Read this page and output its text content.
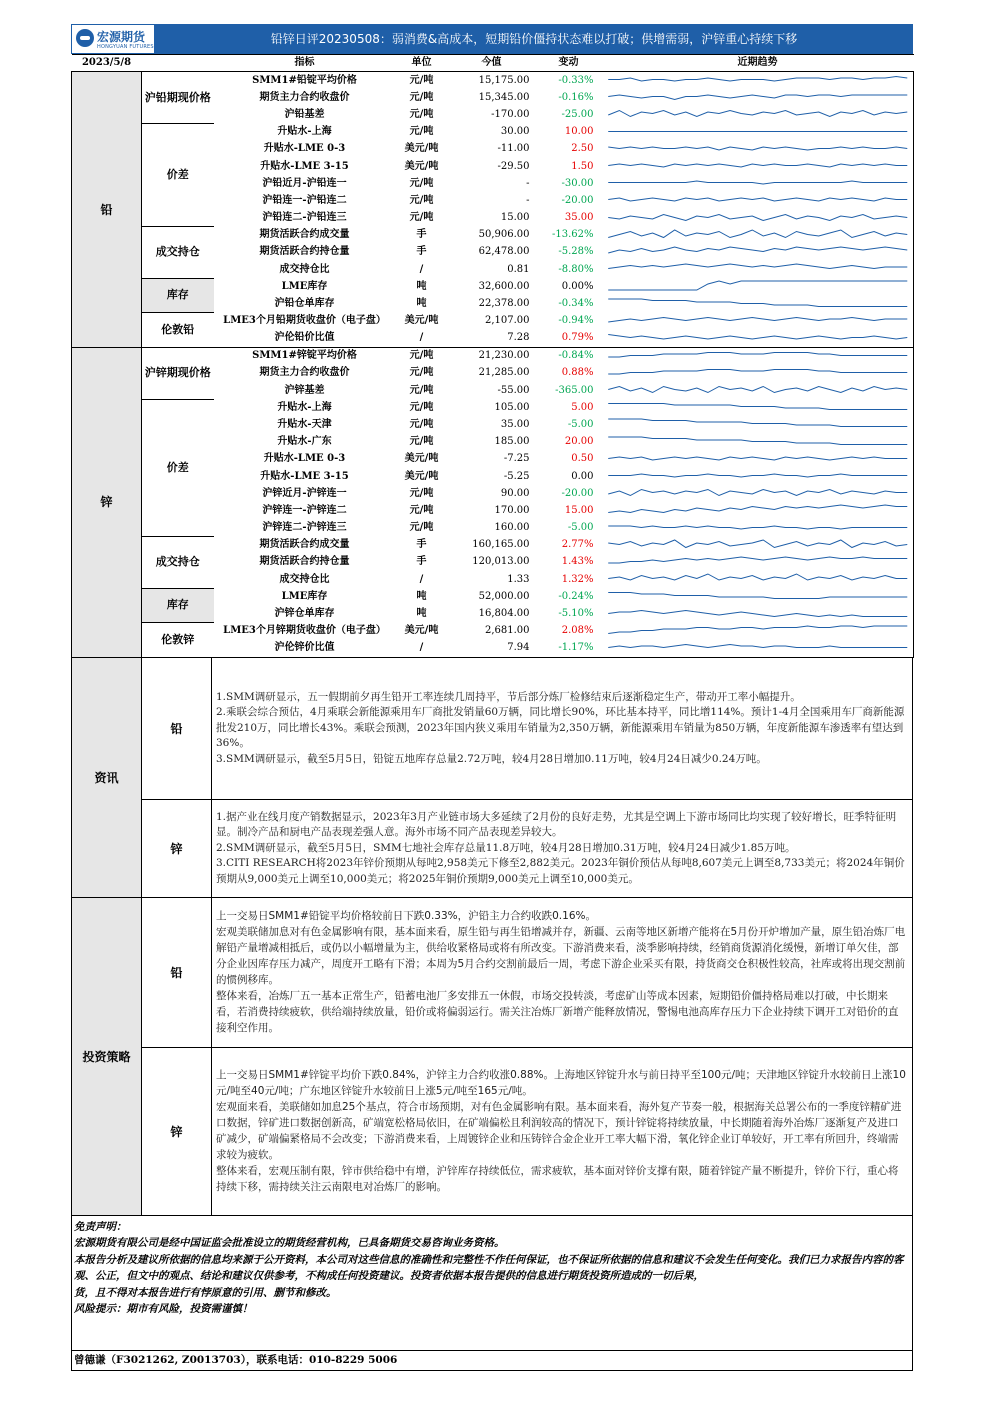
宏源期货
HONGYUAN FUTURES
铅锌日评20230508：弱消费&高成本，短期铅价僵持状态难以打破；供增需弱，沪锌重心持续下移
2023/5/8		指标	单位	今值	变动	近期趋势
铅	沪铅期现价格	SMM1#铅锭平均价格	元/吨	15,175.00	-0.33%	

		期货主力合约收盘价	元/吨	15,345.00	-0.16%	

		沪铅基差	元/吨	-170.00	-25.00	

	价差	升贴水-上海	元/吨	30.00	10.00	

		升贴水-LME 0-3	美元/吨	-11.00	2.50	

		升贴水-LME 3-15	美元/吨	-29.50	1.50	

		沪铅近月-沪铅连一	元/吨	-	-30.00	

		沪铅连一-沪铅连二	元/吨	-	-20.00	

		沪铅连二-沪铅连三	元/吨	15.00	35.00	

	成交持仓	期货活跃合约成交量	手	50,906.00	-13.62%	

		期货活跃合约持仓量	手	62,478.00	-5.28%	

		成交持仓比	/	0.81	-8.80%	

	库存	LME库存	吨	32,600.00	0.00%	

		沪铅仓单库存	吨	22,378.00	-0.34%	

	伦敦铅	LME3个月铅期货收盘价（电子盘）	美元/吨	2,107.00	-0.94%	

		沪伦铅价比值	/	7.28	0.79%	

锌	沪锌期现价格	SMM1#锌锭平均价格	元/吨	21,230.00	-0.84%	

		期货主力合约收盘价	元/吨	21,285.00	0.88%	

		沪锌基差	元/吨	-55.00	-365.00	

	价差	升贴水-上海	元/吨	105.00	5.00	

		升贴水-天津	元/吨	35.00	-5.00	

		升贴水-广东	元/吨	185.00	20.00	

		升贴水-LME 0-3	美元/吨	-7.25	0.50	

		升贴水-LME 3-15	美元/吨	-5.25	0.00	

		沪锌近月-沪锌连一	元/吨	90.00	-20.00	

		沪锌连一-沪锌连二	元/吨	170.00	15.00	

		沪锌连二-沪锌连三	元/吨	160.00	-5.00	

	成交持仓	期货活跃合约成交量	手	160,165.00	2.77%	

		期货活跃合约持仓量	手	120,013.00	1.43%	

		成交持仓比	/	1.33	1.32%	

	库存	LME库存	吨	52,000.00	-0.24%	

		沪锌仓单库存	吨	16,804.00	-5.10%	

	伦敦锌	LME3个月锌期货收盘价（电子盘）	美元/吨	2,681.00	2.08%	

		沪伦锌价比值	/	7.94	-1.17%	
资讯
铅

1.SMM调研显示，五一假期前夕再生铅开工率连续几周持平，节后部分炼厂检修结束后逐渐稳定生产，带动开工率小幅提升。

2.乘联会综合预估，4月乘联会新能源乘用车厂商批发销量60万辆，同比增长90%，环比基本持平，同比增114%。预计1-4月全国乘用车厂商新能源批发210万，同比增长43%。乘联会预测，2023年国内狭义乘用车销量为2,350万辆，新能源乘用车销量为850万辆，年度新能源车渗透率有望达到36%。

3.SMM调研显示，截至5月5日，铅锭五地库存总量2.72万吨，较4月28日增加0.11万吨，较4月24日减少0.24万吨。

锌

1.据产业在线月度产销数据显示，2023年3月产业链市场大多延续了2月份的良好走势，尤其是空调上下游市场同比均实现了较好增长，旺季特征明显。制冷产品和厨电产品表现差强人意。海外市场不同产品表现差异较大。

2.SMM调研显示，截至5月5日，SMM七地社会库存总量11.8万吨，较4月28日增加0.31万吨，较4月24日减少1.85万吨。

3.CITI RESEARCH将2023年锌价预期从每吨2,958美元下修至2,882美元。2023年铜价预估从每吨8,607美元上调至8,733美元；将2024年铜价预期从9,000美元上调至10,000美元；将2025年铜价预期9,000美元上调至10,000美元。

投资策略
铅

上一交易日SMM1#铅锭平均价格较前日下跌0.33%，沪铅主力合约收跌0.16%。

宏观美联储加息对有色金属影响有限，基本面来看，原生铅与再生铅增减并存，新疆、云南等地区新增产能将在5月份开炉增加产量，原生铅冶炼厂电解铅产量增减相抵后，或仍以小幅增量为主，供给收紧格局或将有所改变。下游消费来看，淡季影响持续，经销商货源消化缓慢，新增订单欠佳，部分企业因库存压力减产，周度开工略有下滑；本周为5月合约交割前最后一周，考虑下游企业采买有限，持货商交仓积极性较高，社库或将出现交割前的惯例移库。

整体来看，冶炼厂五一基本正常生产，铅蓄电池厂多安排五一休假，市场交投转淡，考虑矿山等成本因素，短期铅价僵持格局难以打破，中长期来看，若消费持续疲软，供给端持续放量，铅价或将偏弱运行。需关注冶炼厂新增产能释放情况，警惕电池高库存压力下企业持续下调开工对铅价的直接利空作用。

锌

上一交易日SMM1#锌锭平均价下跌0.84%，沪锌主力合约收涨0.88%。上海地区锌锭升水与前日持平至100元/吨；天津地区锌锭升水较前日上涨10元/吨至40元/吨；广东地区锌锭升水较前日上涨5元/吨至165元/吨。

宏观面来看，美联储如加息25个基点，符合市场预期，对有色金属影响有限。基本面来看，海外复产节奏一般，根据海关总署公布的一季度锌精矿进口数据，锌矿进口数据创新高，矿端宽松格局依旧，在矿端偏松且利润较高的情况下，预计锌锭将持续放量，中长期随着海外冶炼厂逐渐复产及进口矿减少，矿端偏紧格局不会改变；下游消费来看，上周镀锌企业和压铸锌合金企业开工率大幅下滑，氧化锌企业订单较好，开工率有所回升，终端需求较为疲软。

整体来看，宏观压制有限，锌市供给稳中有增，沪锌库存持续低位，需求疲软，基本面对锌价支撑有限，随着锌锭产量不断提升，锌价下行，重心将持续下移，需持续关注云南限电对冶炼厂的影响。

免责声明：

宏源期货有限公司是经中国证监会批准设立的期货经营机构，已具备期货交易咨询业务资格。

本报告分析及建议所依据的信息均来源于公开资料，本公司对这些信息的准确性和完整性不作任何保证，也不保证所依据的信息和建议不会发生任何变化。我们已力求报告内容的客观、公正，但文中的观点、结论和建议仅供参考，不构成任何投资建议。投资者依据本报告提供的信息进行期货投资所造成的一切后果，

货，且不得对本报告进行有悖原意的引用、删节和修改。

风险提示：期市有风险，投资需谨慎！

曾德谦（F3021262, Z0013703），联系电话：010-8229 5006
